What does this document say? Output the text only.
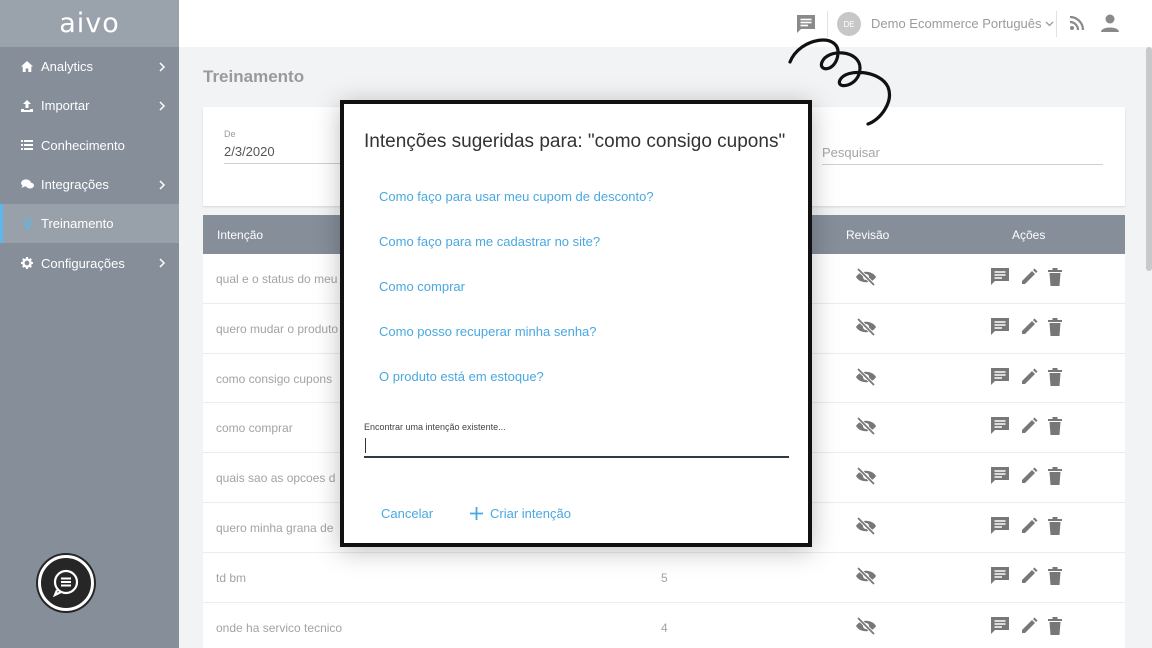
aivo
Analytics
Importar
Conhecimento
Integrações
Treinamento
Configurações
DE	Demo Ecommerce Português
Treinamento
De
2/3/2020	Pesquisar
Intenção	Revisão	Ações
qual e o status do meu
quero mudar o produto
como consigo cupons
como comprar
quais sao as opcoes d
quero minha grana de
td bm	5
onde ha servico tecnico	4
Intenções sugeridas para: "como consigo cupons"
Como faço para usar meu cupom de desconto?
Como faço para me cadastrar no site?
Como comprar
Como posso recuperar minha senha?
O produto está em estoque?
Encontrar uma intenção existente...
Cancelar	Criar intenção
